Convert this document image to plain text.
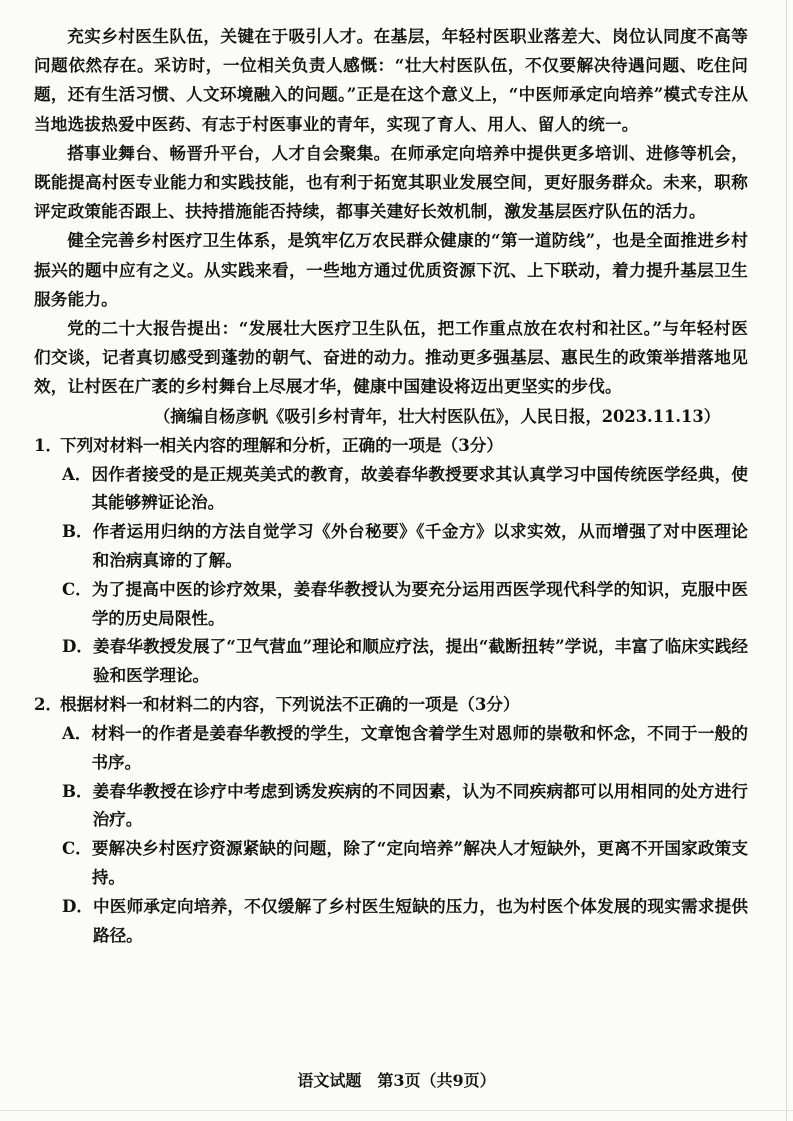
充实乡村医生队伍，关键在于吸引人才。在基层，年轻村医职业落差大、岗位认同度不高等问题依然存在。采访时，一位相关负责人感慨：“壮大村医队伍，不仅要解决待遇问题、吃住问题，还有生活习惯、人文环境融入的问题。”正是在这个意义上，“中医师承定向培养”模式专注从当地选拔热爱中医药、有志于村医事业的青年，实现了育人、用人、留人的统一。

搭事业舞台、畅晋升平台，人才自会聚集。在师承定向培养中提供更多培训、进修等机会，既能提高村医专业能力和实践技能，也有利于拓宽其职业发展空间，更好服务群众。未来，职称评定政策能否跟上、扶持措施能否持续，都事关建好长效机制，激发基层医疗队伍的活力。

健全完善乡村医疗卫生体系，是筑牢亿万农民群众健康的“第一道防线”，也是全面推进乡村振兴的题中应有之义。从实践来看，一些地方通过优质资源下沉、上下联动，着力提升基层卫生服务能力。

党的二十大报告提出：“发展壮大医疗卫生队伍，把工作重点放在农村和社区。”与年轻村医们交谈，记者真切感受到蓬勃的朝气、奋进的动力。推动更多强基层、惠民生的政策举措落地见效，让村医在广袤的乡村舞台上尽展才华，健康中国建设将迈出更坚实的步伐。

（摘编自杨彦帆《吸引乡村青年，壮大村医队伍》，人民日报，2023.11.13）

1．下列对材料一相关内容的理解和分析，正确的一项是（3分）

A． 因作者接受的是正规英美式的教育，故姜春华教授要求其认真学习中国传统医学经典，使其能够辨证论治。
B． 作者运用归纳的方法自觉学习《外台秘要》《千金方》以求实效，从而增强了对中医理论和治病真谛的了解。
C． 为了提高中医的诊疗效果，姜春华教授认为要充分运用西医学现代科学的知识，克服中医学的历史局限性。
D． 姜春华教授发展了“卫气营血”理论和顺应疗法，提出“截断扭转”学说，丰富了临床实践经验和医学理论。

2．根据材料一和材料二的内容，下列说法不正确的一项是（3分）

A． 材料一的作者是姜春华教授的学生，文章饱含着学生对恩师的崇敬和怀念，不同于一般的书序。
B． 姜春华教授在诊疗中考虑到诱发疾病的不同因素，认为不同疾病都可以用相同的处方进行治疗。
C． 要解决乡村医疗资源紧缺的问题，除了“定向培养”解决人才短缺外，更离不开国家政策支持。
D． 中医师承定向培养，不仅缓解了乡村医生短缺的压力，也为村医个体发展的现实需求提供路径。
语文试题　第3页（共9页）
